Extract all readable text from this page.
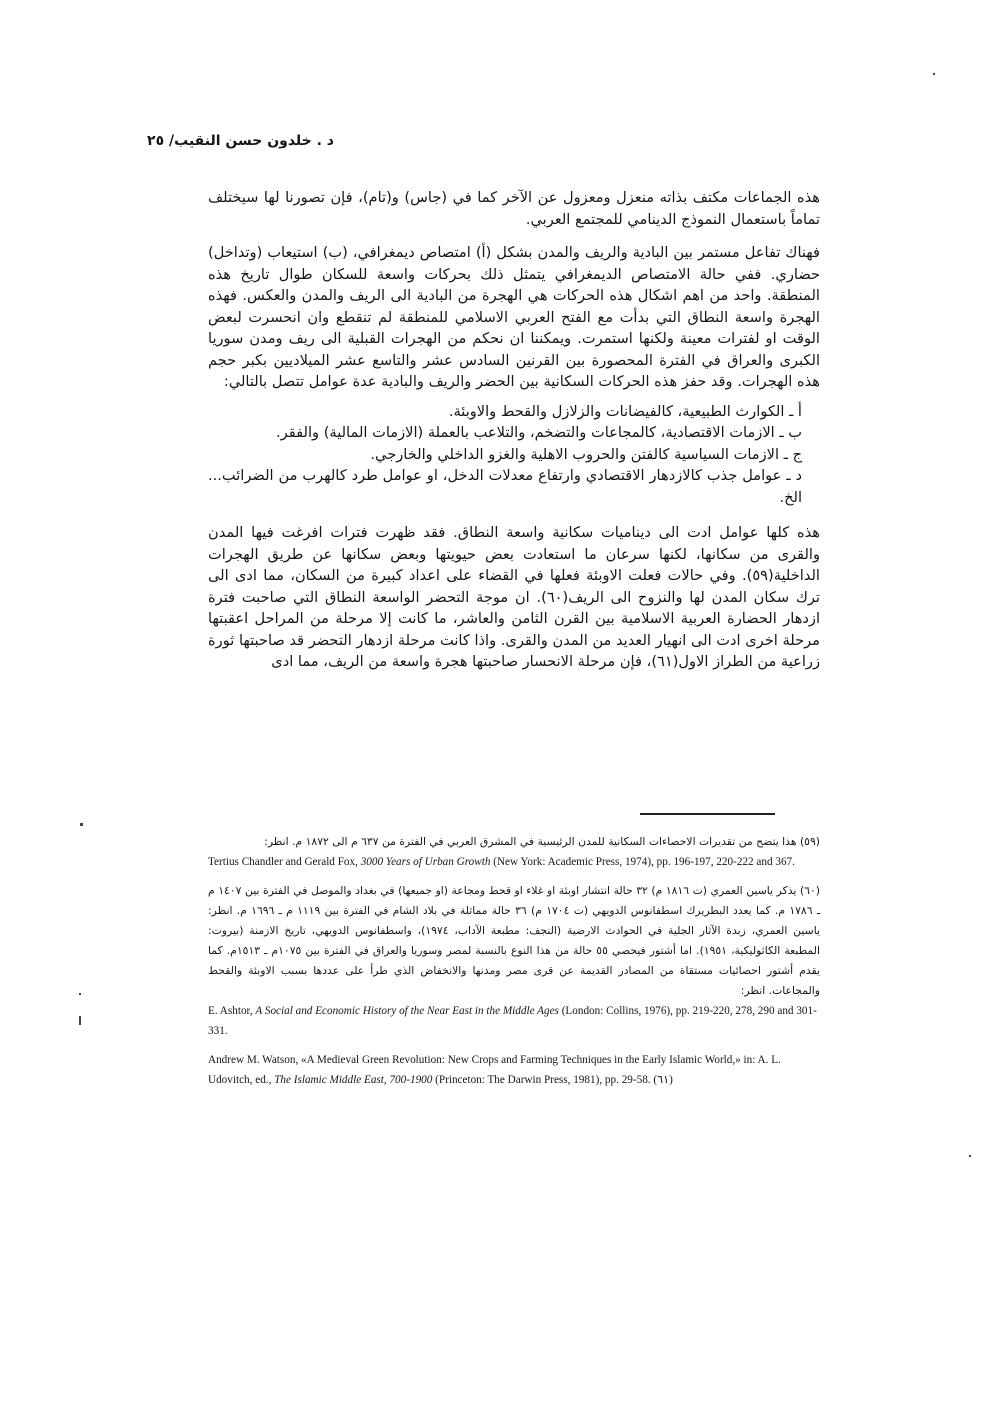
د . خلدون حسن النقيب/ ٢٥

هذه الجماعات مكتف بذاته منعزل ومعزول عن الآخر كما في (جاس) و(تام)، فإن تصورنا لها سيختلف تماماً باستعمال النموذج الدينامي للمجتمع العربي.

فهناك تفاعل مستمر بين البادية والريف والمدن بشكل (أ) امتصاص ديمغرافي، (ب) استيعاب (وتداخل) حضاري. ففي حالة الامتصاص الديمغرافي يتمثل ذلك بحركات واسعة للسكان طوال تاريخ هذه المنطقة. واحد من اهم اشكال هذه الحركات هي الهجرة من البادية الى الريف والمدن والعكس. فهذه الهجرة واسعة النطاق التي بدأت مع الفتح العربي الاسلامي للمنطقة لم تنقطع وان انحسرت لبعض الوقت او لفترات معينة ولكنها استمرت. ويمكننا ان نحكم من الهجرات القبلية الى ريف ومدن سوريا الكبرى والعراق في الفترة المحصورة بين القرنين السادس عشر والتاسع عشر الميلاديين بكبر حجم هذه الهجرات. وقد حفز هذه الحركات السكانية بين الحضر والريف والبادية عدة عوامل تتصل بالتالي:

أ ـ الكوارث الطبيعية، كالفيضانات والزلازل والقحط والاوبئة.

ب ـ الازمات الاقتصادية، كالمجاعات والتضخم، والتلاعب بالعملة (الازمات المالية) والفقر.

ج ـ الازمات السياسية كالفتن والحروب الاهلية والغزو الداخلي والخارجي.

د ـ عوامل جذب كالازدهار الاقتصادي وارتفاع معدلات الدخل، او عوامل طرد كالهرب من الضرائب... الخ.

هذه كلها عوامل ادت الى ديناميات سكانية واسعة النطاق. فقد ظهرت فترات افرغت فيها المدن والقرى من سكانها، لكنها سرعان ما استعادت بعض حيويتها وبعض سكانها عن طريق الهجرات الداخلية(٥٩). وفي حالات فعلت الاوبئة فعلها في القضاء على اعداد كبيرة من السكان، مما ادى الى ترك سكان المدن لها والنزوح الى الريف(٦٠). ان موجة التحضر الواسعة النطاق التي صاحبت فترة ازدهار الحضارة العربية الاسلامية بين القرن الثامن والعاشر، ما كانت إلا مرحلة من المراحل اعقبتها مرحلة اخرى ادت الى انهيار العديد من المدن والقرى. واذا كانت مرحلة ازدهار التحضر قد صاحبتها ثورة زراعية من الطراز الاول(٦١)، فإن مرحلة الانحسار صاحبتها هجرة واسعة من الريف، مما ادى

(٥٩) هذا يتضح من تقديرات الاحصاءات السكانية للمدن الرئيسية في المشرق العربي في الفترة من ٦٣٧ م الى ١٨٧٢ م. انظر:

Tertius Chandler and Gerald Fox, 3000 Years of Urban Growth (New York: Academic Press, 1974), pp. 196-197, 220-222 and 367.

(٦٠) يذكر ياسين العمري (ت ١٨١٦ م) ٣٢ حالة انتشار اوبئة او غلاء او قحط ومجاعة (او جميعها) في بغداد والموصل في الفترة بين ١٤٠٧ م ـ ١٧٨٦ م. كما يعدد البطريرك اسطفانوس الدويهي (ت ١٧٠٤ م) ٣٦ حالة مماثلة في بلاد الشام في الفترة بين ١١١٩ م ـ ١٦٩٦ م. انظر: ياسين العمري، زبدة الآثار الجلية في الحوادث الارضية (النجف: مطبعة الآداب، ١٩٧٤)، واسطفانوس الدويهي، تاريخ الازمنة (بيروت: المطبعة الكاثوليكية، ١٩٥١). اما أشتور فيحصي ٥٥ حالة من هذا النوع بالنسبة لمصر وسوريا والعراق في الفترة بين ١٠٧٥م ـ ١٥١٣م. كما يقدم أشتور احصائيات مستقاة من المصادر القديمة عن قرى مصر ومدنها والانخفاض الذي طرأ على عددها بسبب الاوبئة والقحط والمجاعات. انظر:

E. Ashtor, A Social and Economic History of the Near East in the Middle Ages (London: Collins, 1976), pp. 219-220, 278, 290 and 301-331.

Andrew M. Watson, «A Medieval Green Revolution: New Crops and Farming Techniques in the Early Islamic World,» in: A. L. Udovitch, ed., The Islamic Middle East, 700-1900 (Princeton: The Darwin Press, 1981), pp. 29-58. (٦١)
